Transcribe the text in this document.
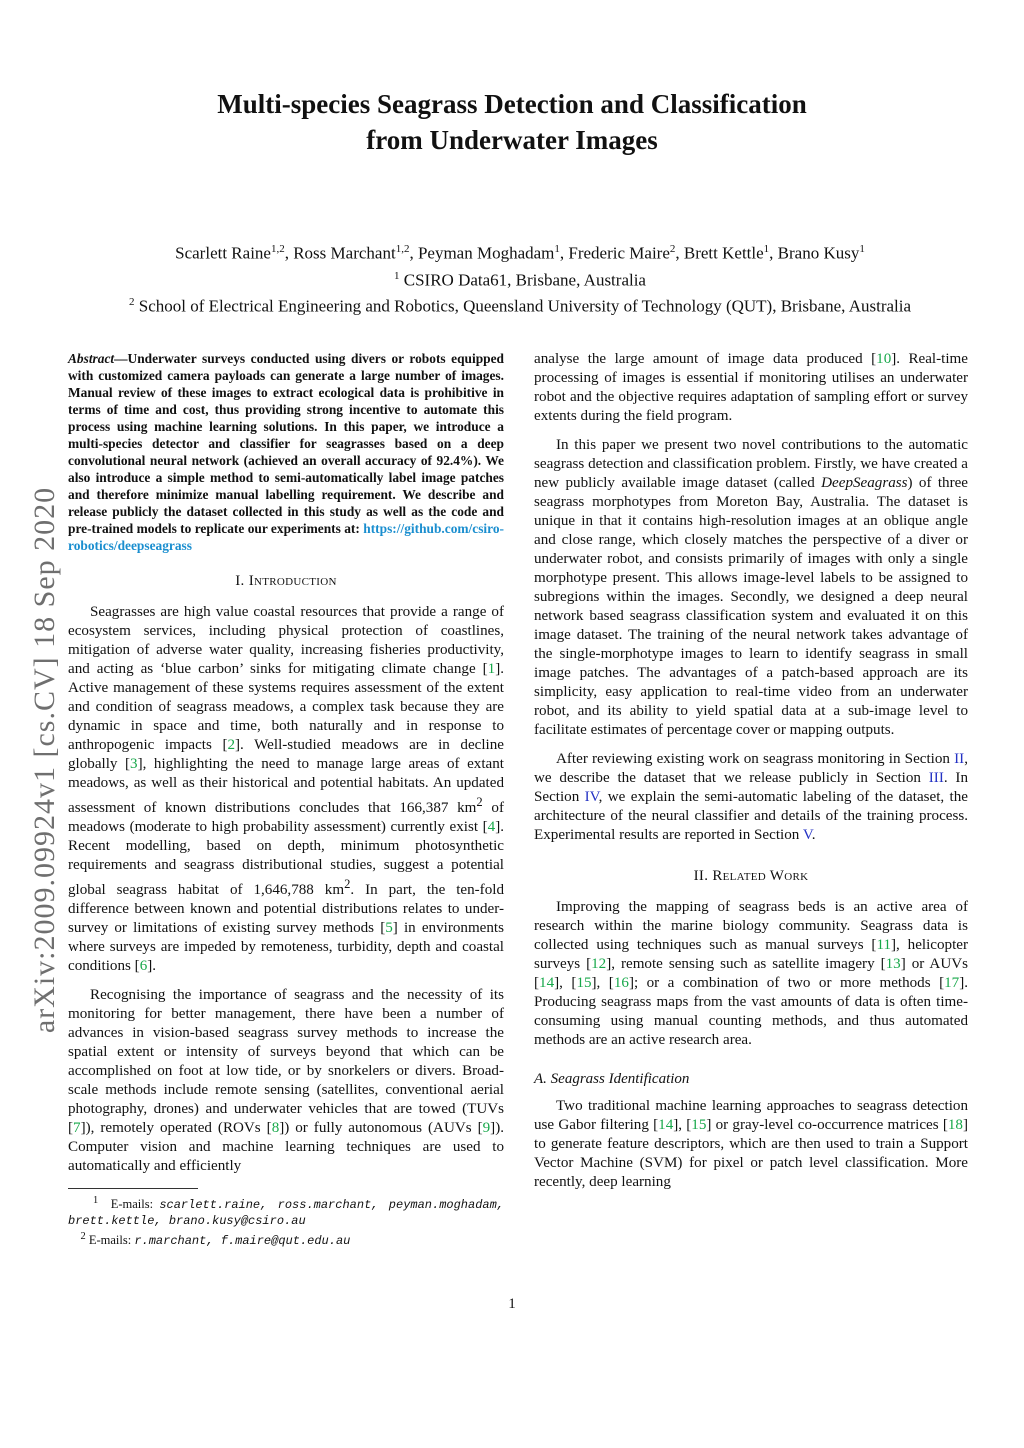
arXiv:2009.09924v1 [cs.CV] 18 Sep 2020
Multi-species Seagrass Detection and Classification
from Underwater Images
Scarlett Raine$^{1,2}$, Ross Marchant$^{1,2}$, Peyman Moghadam$^1$, Frederic Maire$^2$, Brett Kettle$^1$, Brano Kusy$^1$
$^1$ CSIRO Data61, Brisbane, Australia
$^2$ School of Electrical Engineering and Robotics, Queensland University of Technology (QUT), Brisbane, Australia
Abstract—Underwater surveys conducted using divers or robots equipped with customized camera payloads can generate a large number of images. Manual review of these images to extract ecological data is prohibitive in terms of time and cost, thus providing strong incentive to automate this process using machine learning solutions. In this paper, we introduce a multi-species detector and classifier for seagrasses based on a deep convolutional neural network (achieved an overall accuracy of 92.4%). We also introduce a simple method to semi-automatically label image patches and therefore minimize manual labelling requirement. We describe and release publicly the dataset collected in this study as well as the code and pre-trained models to replicate our experiments at: https://github.com/csiro-robotics/deepseagrass
I. Introduction

Seagrasses are high value coastal resources that provide a range of ecosystem services, including physical protection of coastlines, mitigation of adverse water quality, increasing fisheries productivity, and acting as ‘blue carbon’ sinks for mitigating climate change [1]. Active management of these systems requires assessment of the extent and condition of seagrass meadows, a complex task because they are dynamic in space and time, both naturally and in response to anthropogenic impacts [2]. Well-studied meadows are in decline globally [3], highlighting the need to manage large areas of extant meadows, as well as their historical and potential habitats. An updated assessment of known distributions concludes that 166,387 $km^2$ of meadows (moderate to high probability assessment) currently exist [4]. Recent modelling, based on depth, minimum photosynthetic requirements and seagrass distributional studies, suggest a potential global seagrass habitat of 1,646,788 $km^2$. In part, the ten-fold difference between known and potential distributions relates to under-survey or limitations of existing survey methods [5] in environments where surveys are impeded by remoteness, turbidity, depth and coastal conditions [6].

Recognising the importance of seagrass and the necessity of its monitoring for better management, there have been a number of advances in vision-based seagrass survey methods to increase the spatial extent or intensity of surveys beyond that which can be accomplished on foot at low tide, or by snorkelers or divers. Broad-scale methods include remote sensing (satellites, conventional aerial photography, drones) and underwater vehicles that are towed (TUVs [7]), remotely operated (ROVs [8]) or fully autonomous (AUVs [9]). Computer vision and machine learning techniques are used to automatically and efficiently

$^1$ E-mails: scarlett.raine, ross.marchant, peyman.moghadam, brett.kettle, brano.kusy@csiro.au
$^2$ E-mails: r.marchant, f.maire@qut.edu.au

analyse the large amount of image data produced [10]. Real-time processing of images is essential if monitoring utilises an underwater robot and the objective requires adaptation of sampling effort or survey extents during the field program.

In this paper we present two novel contributions to the automatic seagrass detection and classification problem. Firstly, we have created a new publicly available image dataset (called DeepSeagrass) of three seagrass morphotypes from Moreton Bay, Australia. The dataset is unique in that it contains high-resolution images at an oblique angle and close range, which closely matches the perspective of a diver or underwater robot, and consists primarily of images with only a single morphotype present. This allows image-level labels to be assigned to subregions within the images. Secondly, we designed a deep neural network based seagrass classification system and evaluated it on this image dataset. The training of the neural network takes advantage of the single-morphotype images to learn to identify seagrass in small image patches. The advantages of a patch-based approach are its simplicity, easy application to real-time video from an underwater robot, and its ability to yield spatial data at a sub-image level to facilitate estimates of percentage cover or mapping outputs.

After reviewing existing work on seagrass monitoring in Section II, we describe the dataset that we release publicly in Section III. In Section IV, we explain the semi-automatic labeling of the dataset, the architecture of the neural classifier and details of the training process. Experimental results are reported in Section V.

II. Related Work

Improving the mapping of seagrass beds is an active area of research within the marine biology community. Seagrass data is collected using techniques such as manual surveys [11], helicopter surveys [12], remote sensing such as satellite imagery [13] or AUVs [14], [15], [16]; or a combination of two or more methods [17]. Producing seagrass maps from the vast amounts of data is often time-consuming using manual counting methods, and thus automated methods are an active research area.

A. Seagrass Identification

Two traditional machine learning approaches to seagrass detection use Gabor filtering [14], [15] or gray-level co-occurrence matrices [18] to generate feature descriptors, which are then used to train a Support Vector Machine (SVM) for pixel or patch level classification. More recently, deep learning

1
